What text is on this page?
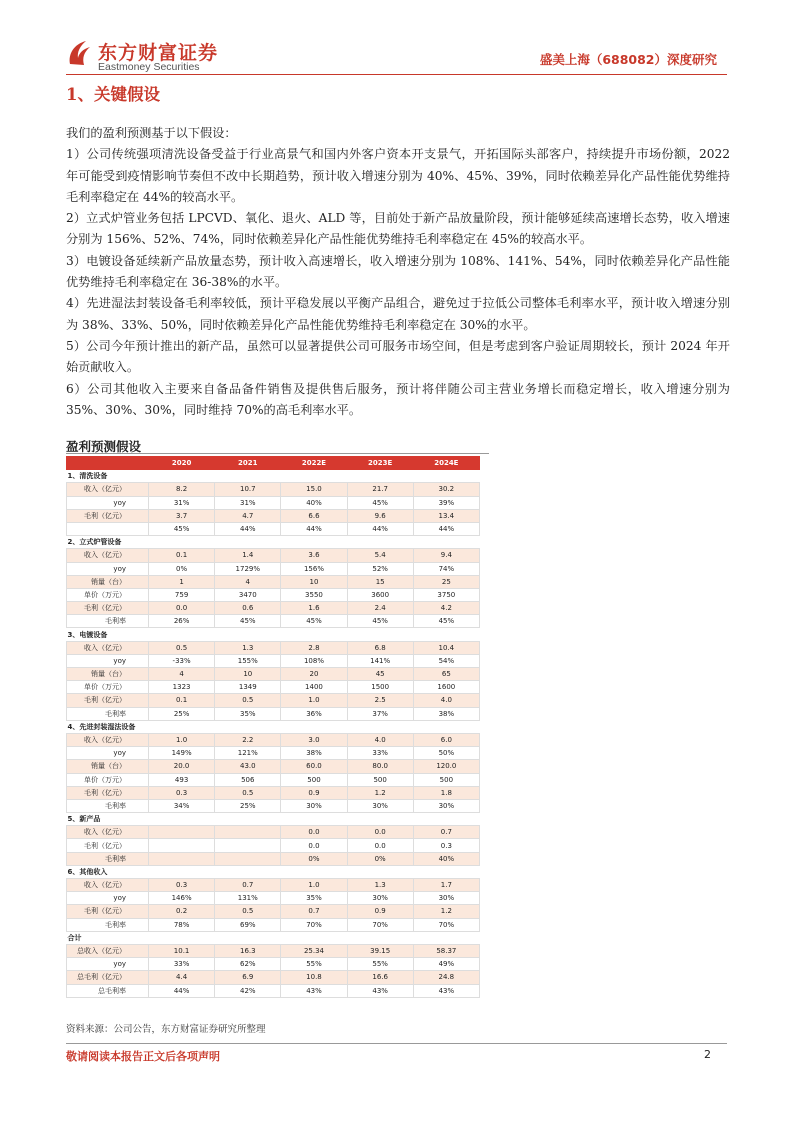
东方财富证券
Eastmoney Securities	盛美上海（688082）深度研究
1、关键假设

我们的盈利预测基于以下假设：

1）公司传统强项清洗设备受益于行业高景气和国内外客户资本开支景气，开拓国际头部客户，持续提升市场份额，2022 年可能受到疫情影响节奏但不改中长期趋势，预计收入增速分别为 40%、45%、39%，同时依赖差异化产品性能优势维持毛利率稳定在 44%的较高水平。

2）立式炉管业务包括 LPCVD、氧化、退火、ALD 等，目前处于新产品放量阶段，预计能够延续高速增长态势，收入增速分别为 156%、52%、74%，同时依赖差异化产品性能优势维持毛利率稳定在 45%的较高水平。

3）电镀设备延续新产品放量态势，预计收入高速增长，收入增速分别为 108%、141%、54%，同时依赖差异化产品性能优势维持毛利率稳定在 36-38%的水平。

4）先进湿法封装设备毛利率较低，预计平稳发展以平衡产品组合，避免过于拉低公司整体毛利率水平，预计收入增速分别为 38%、33%、50%，同时依赖差异化产品性能优势维持毛利率稳定在 30%的水平。

5）公司今年预计推出的新产品，虽然可以显著提供公司可服务市场空间，但是考虑到客户验证周期较长，预计 2024 年开始贡献收入。

6）公司其他收入主要来自备品备件销售及提供售后服务，预计将伴随公司主营业务增长而稳定增长，收入增速分别为 35%、30%、30%，同时维持 70%的高毛利率水平。

盈利预测假设
	2020	2021	2022E	2023E	2024E
1、清洗设备					
收入（亿元）	8.2	10.7	15.0	21.7	30.2
yoy	31%	31%	40%	45%	39%
毛利（亿元）	3.7	4.7	6.6	9.6	13.4
	45%	44%	44%	44%	44%
2、立式炉管设备					
收入（亿元）	0.1	1.4	3.6	5.4	9.4
yoy	0%	1729%	156%	52%	74%
销量（台）	1	4	10	15	25
单价（万元）	759	3470	3550	3600	3750
毛利（亿元）	0.0	0.6	1.6	2.4	4.2
毛利率	26%	45%	45%	45%	45%
3、电镀设备					
收入（亿元）	0.5	1.3	2.8	6.8	10.4
yoy	-33%	155%	108%	141%	54%
销量（台）	4	10	20	45	65
单价（万元）	1323	1349	1400	1500	1600
毛利（亿元）	0.1	0.5	1.0	2.5	4.0
毛利率	25%	35%	36%	37%	38%
4、先进封装湿法设备					
收入（亿元）	1.0	2.2	3.0	4.0	6.0
yoy	149%	121%	38%	33%	50%
销量（台）	20.0	43.0	60.0	80.0	120.0
单价（万元）	493	506	500	500	500
毛利（亿元）	0.3	0.5	0.9	1.2	1.8
毛利率	34%	25%	30%	30%	30%
5、新产品					
收入（亿元）			0.0	0.0	0.7
毛利（亿元）			0.0	0.0	0.3
毛利率			0%	0%	40%
6、其他收入					
收入（亿元）	0.3	0.7	1.0	1.3	1.7
yoy	146%	131%	35%	30%	30%
毛利（亿元）	0.2	0.5	0.7	0.9	1.2
毛利率	78%	69%	70%	70%	70%
合计					
总收入（亿元）	10.1	16.3	25.34	39.15	58.37
yoy	33%	62%	55%	55%	49%
总毛利（亿元）	4.4	6.9	10.8	16.6	24.8
总毛利率	44%	42%	43%	43%	43%
资料来源：公司公告，东方财富证券研究所整理
敬请阅读本报告正文后各项声明	2
